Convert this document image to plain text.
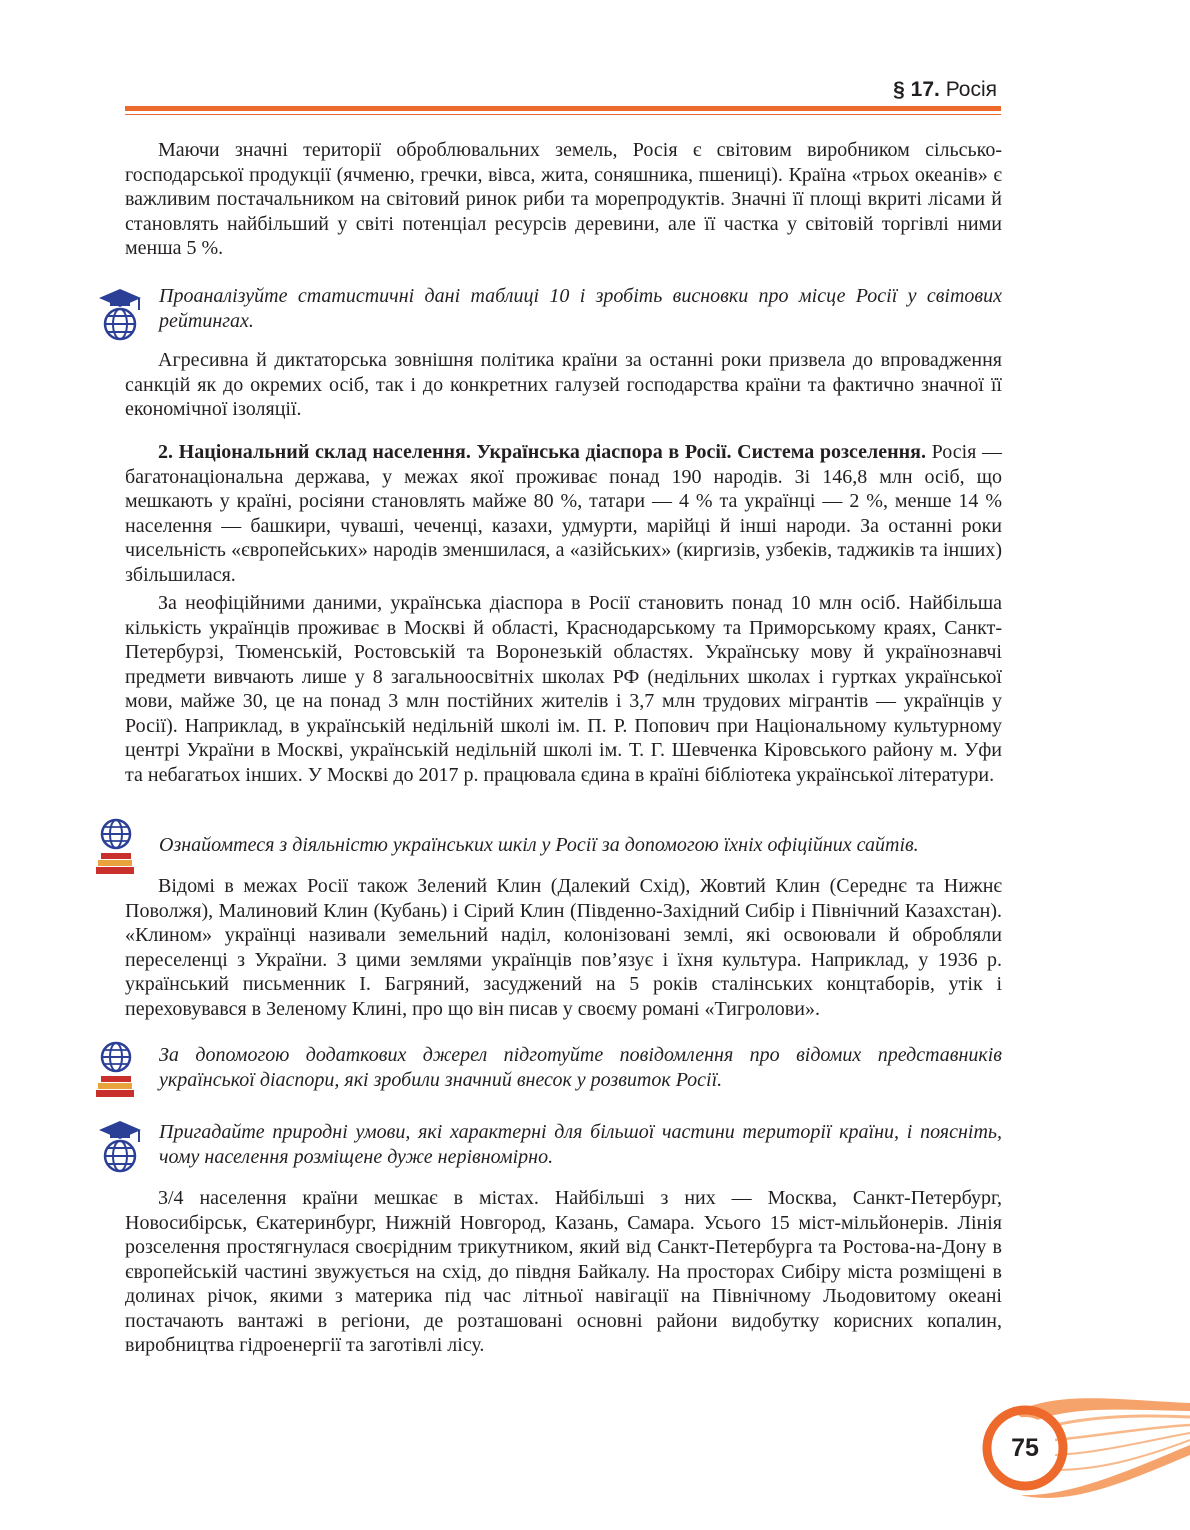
§ 17. Росія

Маючи значні території оброблювальних земель, Росія є світовим виробником сільськогосподарської продукції (ячменю, гречки, вівса, жита, соняшника, пшениці). Країна «трьох океанів» є важливим постачальником на світовий ринок риби та морепродуктів. Значні її площі вкриті лісами й становлять найбільший у світі потенціал ресурсів деревини, але її частка у світовій торгівлі ними менша 5 %.

Проаналізуйте статистичні дані таблиці 10 і зробіть висновки про місце Росії у світових рейтингах.

Агресивна й диктаторська зовнішня політика країни за останні роки призвела до впровадження санкцій як до окремих осіб, так і до конкретних галузей господарства країни та фактично значної її економічної ізоляції.

2. Національний склад населення. Українська діаспора в Росії. Система розселення. Росія — багатонаціональна держава, у межах якої проживає понад 190 народів. Зі 146,8 млн осіб, що мешкають у країні, росіяни становлять майже 80 %, татари — 4 % та українці — 2 %, менше 14 % населення — башкири, чуваші, чеченці, казахи, удмурти, марійці й інші народи. За останні роки чисельність «європейських» народів зменшилася, а «азійських» (киргизів, узбеків, таджиків та інших) збільшилася.

За неофіційними даними, українська діаспора в Росії становить понад 10 млн осіб. Найбільша кількість українців проживає в Москві й області, Краснодарському та Приморському краях, Санкт-Петербурзі, Тюменській, Ростовській та Воронезькій областях. Українську мову й українознавчі предмети вивчають лише у 8 загальноосвітніх школах РФ (недільних школах і гуртках української мови, майже 30, це на понад 3 млн постійних жителів і 3,7 млн трудових мігрантів — українців у Росії). Наприклад, в українській недільній школі ім. П. Р. Попович при Національному культурному центрі України в Москві, українській недільній школі ім. Т. Г. Шевченка Кіровського району м. Уфи та небагатьох інших. У Москві до 2017 р. працювала єдина в країні бібліотека української літератури.

Ознайомтеся з діяльністю українських шкіл у Росії за допомогою їхніх офіційних сайтів.

Відомі в межах Росії також Зелений Клин (Далекий Схід), Жовтий Клин (Середнє та Нижнє Поволжя), Малиновий Клин (Кубань) і Сірий Клин (Південно-Західний Сибір і Північний Казахстан). «Клином» українці називали земельний наділ, колонізовані землі, які освоювали й обробляли переселенці з України. З цими землями українців пов’язує і їхня культура. Наприклад, у 1936 р. український письменник І. Багряний, засуджений на 5 років сталінських концтаборів, утік і переховувався в Зеленому Клині, про що він писав у своєму романі «Тигролови».

За допомогою додаткових джерел підготуйте повідомлення про відомих представників української діаспори, які зробили значний внесок у розвиток Росії.

Пригадайте природні умови, які характерні для більшої частини території країни, і поясніть, чому населення розміщене дуже нерівномірно.

3/4 населення країни мешкає в містах. Найбільші з них — Москва, Санкт-Петербург, Новосибірськ, Єкатеринбург, Нижній Новгород, Казань, Самара. Усього 15 міст-мільйонерів. Лінія розселення простягнулася своєрідним трикутником, який від Санкт-Петербурга та Ростова-на-Дону в європейській частині звужується на схід, до півдня Байкалу. На просторах Сибіру міста розміщені в долинах річок, якими з материка під час літньої навігації на Північному Льодовитому океані постачають вантажі в регіони, де розташовані основні райони видобутку корисних копалин, виробництва гідроенергії та заготівлі лісу.

75
